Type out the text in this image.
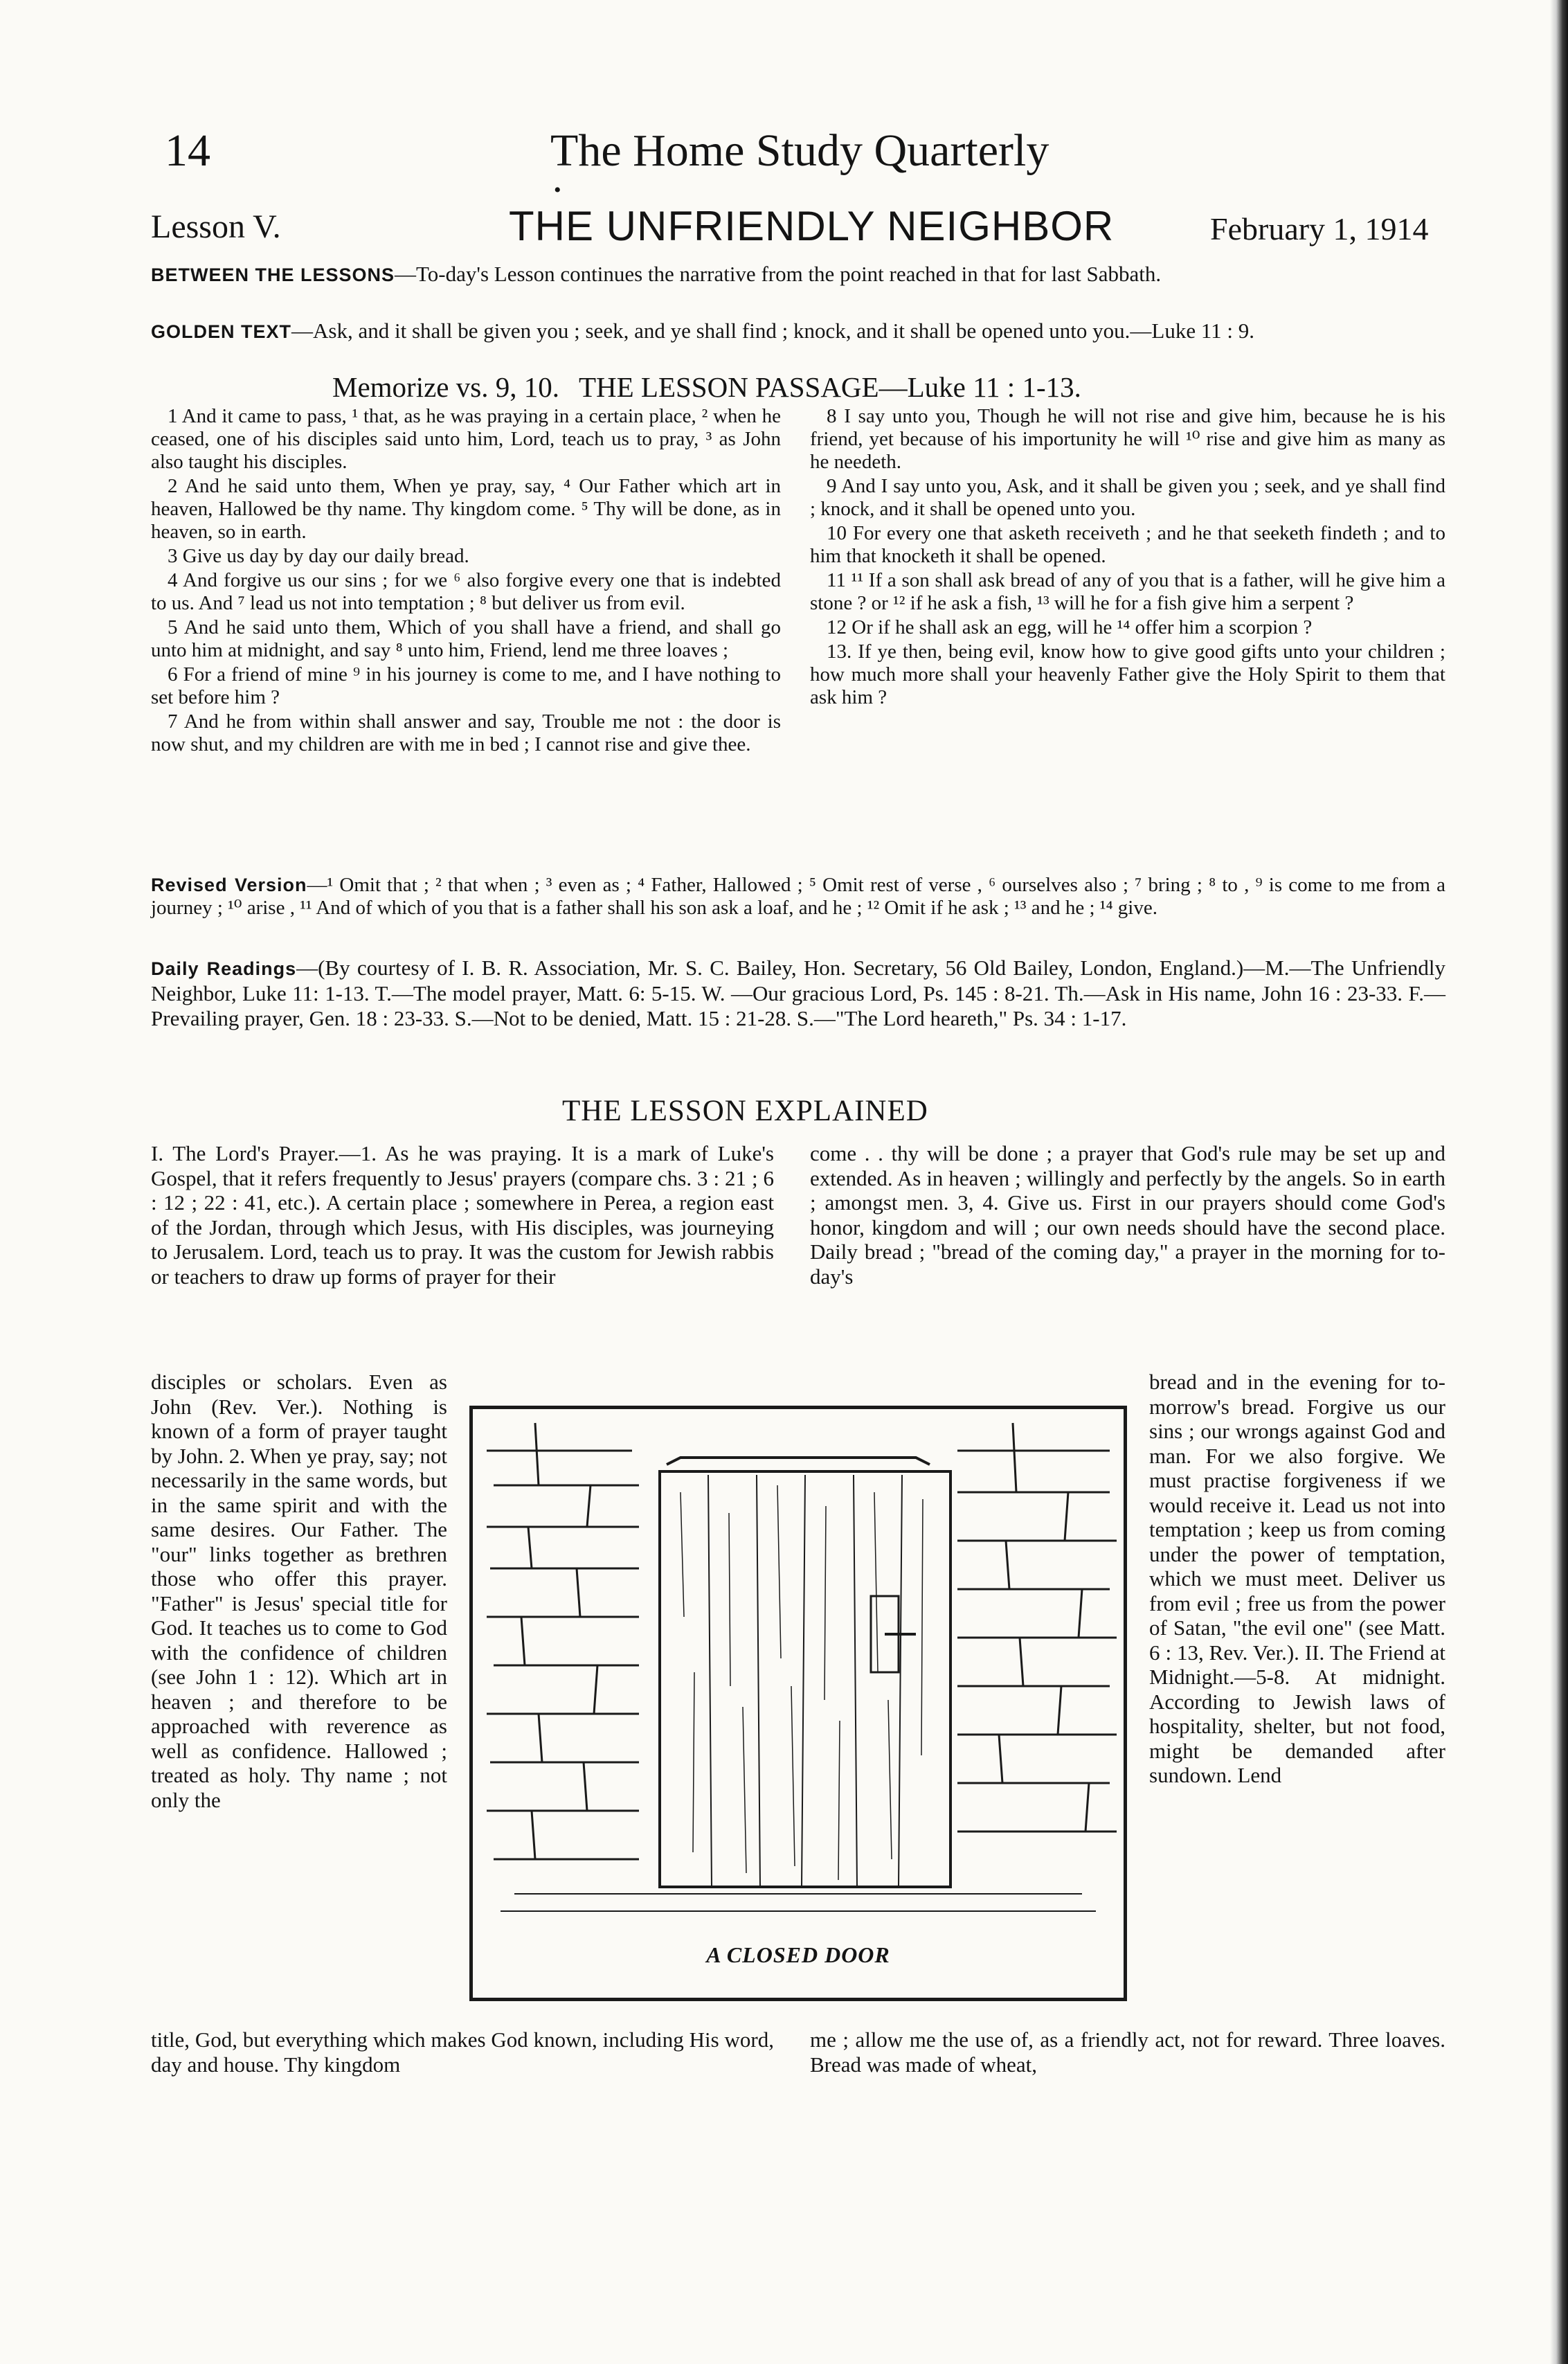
14	The Home Study Quarterly
•
Lesson V.	THE UNFRIENDLY NEIGHBOR	February 1, 1914
BETWEEN THE LESSONS—To-day's Lesson continues the narrative from the point reached in that for last Sabbath.
GOLDEN TEXT—Ask, and it shall be given you ; seek, and ye shall find ; knock, and it shall be opened unto you.—Luke 11 : 9.
Memorize vs. 9, 10. THE LESSON PASSAGE—Luke 11 : 1-13.

1 And it came to pass, ¹ that, as he was praying in a certain place, ² when he ceased, one of his disciples said unto him, Lord, teach us to pray, ³ as John also taught his disciples.

2 And he said unto them, When ye pray, say, ⁴ Our Father which art in heaven, Hallowed be thy name. Thy kingdom come. ⁵ Thy will be done, as in heaven, so in earth.

3 Give us day by day our daily bread.

4 And forgive us our sins ; for we ⁶ also forgive every one that is indebted to us. And ⁷ lead us not into temptation ; ⁸ but deliver us from evil.

5 And he said unto them, Which of you shall have a friend, and shall go unto him at midnight, and say ⁸ unto him, Friend, lend me three loaves ;

6 For a friend of mine ⁹ in his journey is come to me, and I have nothing to set before him ?

7 And he from within shall answer and say, Trouble me not : the door is now shut, and my children are with me in bed ; I cannot rise and give thee.

8 I say unto you, Though he will not rise and give him, because he is his friend, yet because of his importunity he will ¹⁰ rise and give him as many as he needeth.

9 And I say unto you, Ask, and it shall be given you ; seek, and ye shall find ; knock, and it shall be opened unto you.

10 For every one that asketh receiveth ; and he that seeketh findeth ; and to him that knocketh it shall be opened.

11 ¹¹ If a son shall ask bread of any of you that is a father, will he give him a stone ? or ¹² if he ask a fish, ¹³ will he for a fish give him a serpent ?

12 Or if he shall ask an egg, will he ¹⁴ offer him a scorpion ?

13. If ye then, being evil, know how to give good gifts unto your children ; how much more shall your heavenly Father give the Holy Spirit to them that ask him ?

Revised Version—¹ Omit that ; ² that when ; ³ even as ; ⁴ Father, Hallowed ; ⁵ Omit rest of verse , ⁶ ourselves also ; ⁷ bring ; ⁸ to , ⁹ is come to me from a journey ; ¹⁰ arise , ¹¹ And of which of you that is a father shall his son ask a loaf, and he ; ¹² Omit if he ask ; ¹³ and he ; ¹⁴ give.
Daily Readings—(By courtesy of I. B. R. Association, Mr. S. C. Bailey, Hon. Secretary, 56 Old Bailey, London, England.)—M.—The Unfriendly Neighbor, Luke 11: 1-13. T.—The model prayer, Matt. 6: 5-15. W. —Our gracious Lord, Ps. 145 : 8-21. Th.—Ask in His name, John 16 : 23-33. F.—Prevailing prayer, Gen. 18 : 23-33. S.—Not to be denied, Matt. 15 : 21-28. S.—"The Lord heareth," Ps. 34 : 1-17.
THE LESSON EXPLAINED
I. The Lord's Prayer.—1. As he was praying. It is a mark of Luke's Gospel, that it refers frequently to Jesus' prayers (compare chs. 3 : 21 ; 6 : 12 ; 22 : 41, etc.). A certain place ; somewhere in Perea, a region east of the Jordan, through which Jesus, with His disciples, was journeying to Jerusalem. Lord, teach us to pray. It was the custom for Jewish rabbis or teachers to draw up forms of prayer for their
disciples or scholars. Even as John (Rev. Ver.). Nothing is known of a form of prayer taught by John. 2. When ye pray, say; not necessarily in the same words, but in the same spirit and with the same desires. Our Father. The "our" links together as brethren those who offer this prayer. "Father" is Jesus' special title for God. It teaches us to come to God with the confidence of children (see John 1 : 12). Which art in heaven ; and therefore to be approached with reverence as well as confidence. Hallowed ; treated as holy. Thy name ; not only the
title, God, but everything which makes God known, including His word, day and house. Thy kingdom
come . . thy will be done ; a prayer that God's rule may be set up and extended. As in heaven ; willingly and perfectly by the angels. So in earth ; amongst men. 3, 4. Give us. First in our prayers should come God's honor, kingdom and will ; our own needs should have the second place. Daily bread ; "bread of the coming day," a prayer in the morning for to-day's
bread and in the evening for to-morrow's bread. Forgive us our sins ; our wrongs against God and man. For we also forgive. We must practise forgiveness if we would receive it. Lead us not into temptation ; keep us from coming under the power of temptation, which we must meet. Deliver us from evil ; free us from the power of Satan, "the evil one" (see Matt. 6 : 13, Rev. Ver.). II. The Friend at Midnight.—5-8. At midnight. According to Jewish laws of hospitality, shelter, but not food, might be demanded after sundown. Lend
me ; allow me the use of, as a friendly act, not for reward. Three loaves. Bread was made of wheat,
A CLOSED DOOR
